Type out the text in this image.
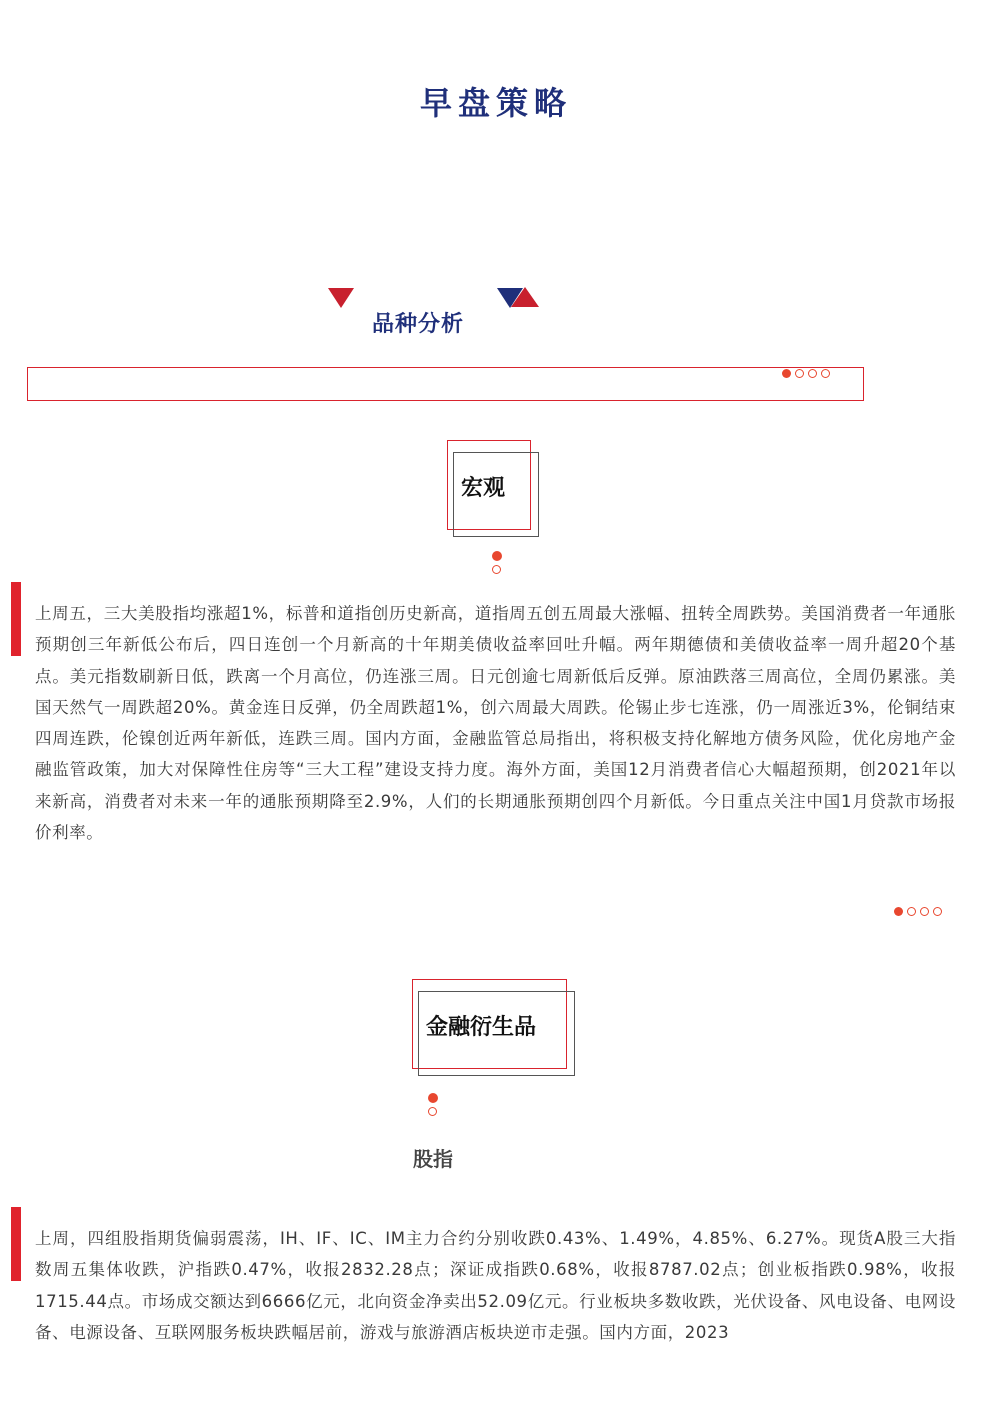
早盘策略
品种分析
宏观
上周五，三大美股指均涨超1%，标普和道指创历史新高，道指周五创五周最大涨幅、扭转全周跌势。美国消费者一年通胀预期创三年新低公布后，四日连创一个月新高的十年期美债收益率回吐升幅。两年期德债和美债收益率一周升超20个基点。美元指数刷新日低，跌离一个月高位，仍连涨三周。日元创逾七周新低后反弹。原油跌落三周高位，全周仍累涨。美国天然气一周跌超20%。黄金连日反弹，仍全周跌超1%，创六周最大周跌。伦锡止步七连涨，仍一周涨近3%，伦铜结束四周连跌，伦镍创近两年新低，连跌三周。国内方面，金融监管总局指出，将积极支持化解地方债务风险，优化房地产金融监管政策，加大对保障性住房等“三大工程”建设支持力度。海外方面，美国12月消费者信心大幅超预期，创2021年以来新高，消费者对未来一年的通胀预期降至2.9%，人们的长期通胀预期创四个月新低。今日重点关注中国1月贷款市场报价利率。
金融衍生品
股指
上周，四组股指期货偏弱震荡，IH、IF、IC、IM主力合约分别收跌0.43%、1.49%，4.85%、6.27%。现货A股三大指数周五集体收跌，沪指跌0.47%，收报2832.28点；深证成指跌0.68%，收报8787.02点；创业板指跌0.98%，收报1715.44点。市场成交额达到6666亿元，北向资金净卖出52.09亿元。行业板块多数收跌，光伏设备、风电设备、电网设备、电源设备、互联网服务板块跌幅居前，游戏与旅游酒店板块逆市走强。国内方面，2023
